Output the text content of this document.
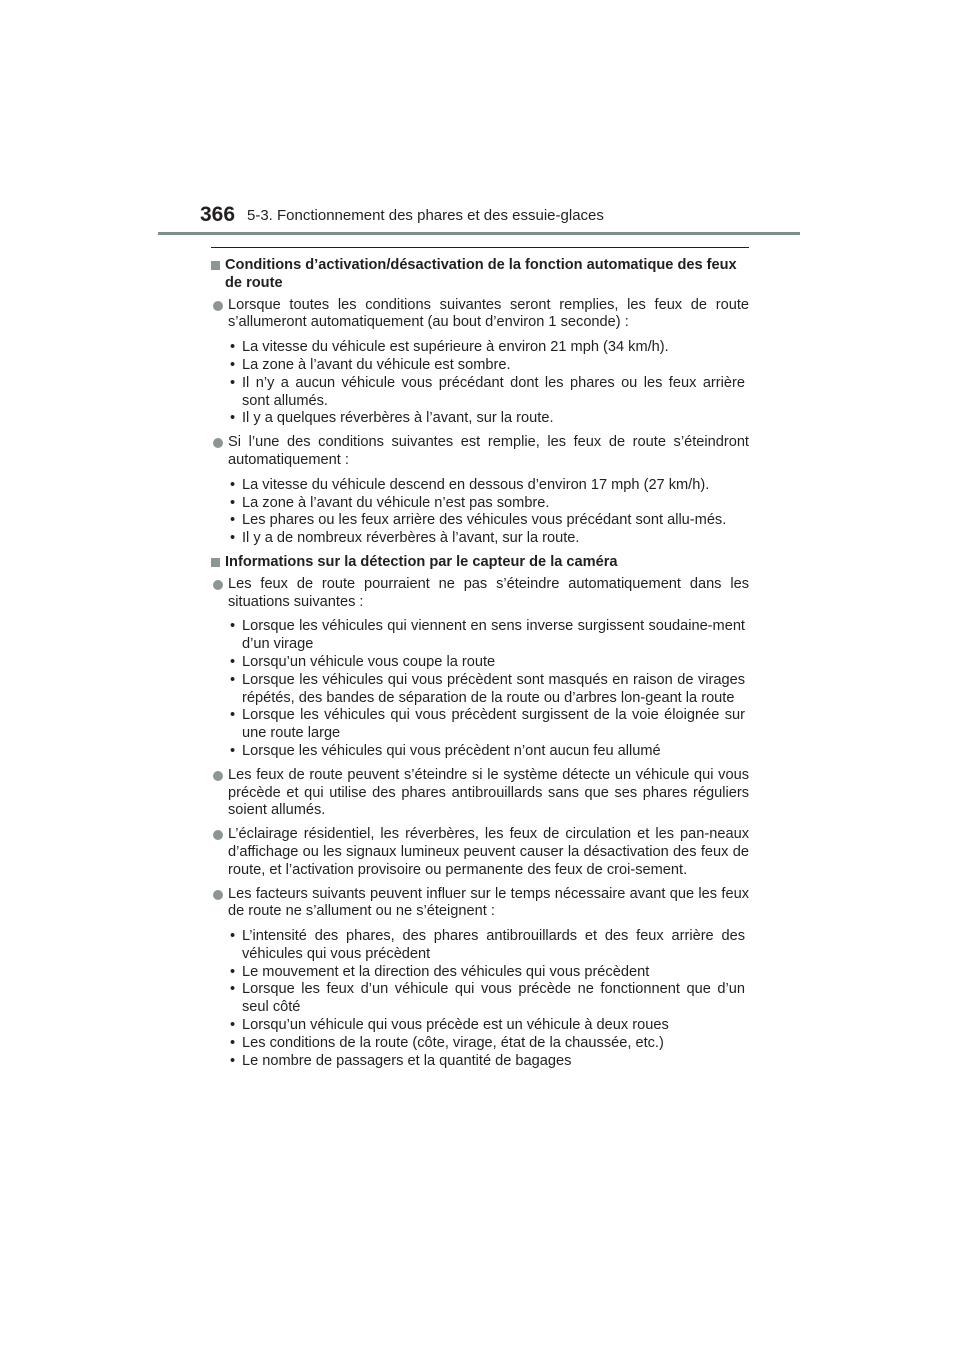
366 5-3. Fonctionnement des phares et des essuie-glaces
Conditions d’activation/désactivation de la fonction automatique des feux de route

Lorsque toutes les conditions suivantes seront remplies, les feux de route s’allumeront automatiquement (au bout d’environ 1 seconde) :

• La vitesse du véhicule est supérieure à environ 21 mph (34 km/h).
• La zone à l’avant du véhicule est sombre.
• Il n’y a aucun véhicule vous précédant dont les phares ou les feux arrière sont allumés.
• Il y a quelques réverbères à l’avant, sur la route.

Si l’une des conditions suivantes est remplie, les feux de route s’éteindront automatiquement :

• La vitesse du véhicule descend en dessous d’environ 17 mph (27 km/h).
• La zone à l’avant du véhicule n’est pas sombre.
• Les phares ou les feux arrière des véhicules vous précédant sont allu-més.
• Il y a de nombreux réverbères à l’avant, sur la route.
Informations sur la détection par le capteur de la caméra

Les feux de route pourraient ne pas s’éteindre automatiquement dans les situations suivantes :

• Lorsque les véhicules qui viennent en sens inverse surgissent soudaine-ment d’un virage
• Lorsqu’un véhicule vous coupe la route
• Lorsque les véhicules qui vous précèdent sont masqués en raison de virages répétés, des bandes de séparation de la route ou d’arbres lon-geant la route
• Lorsque les véhicules qui vous précèdent surgissent de la voie éloignée sur une route large
• Lorsque les véhicules qui vous précèdent n’ont aucun feu allumé

Les feux de route peuvent s’éteindre si le système détecte un véhicule qui vous précède et qui utilise des phares antibrouillards sans que ses phares réguliers soient allumés.

L’éclairage résidentiel, les réverbères, les feux de circulation et les pan-neaux d’affichage ou les signaux lumineux peuvent causer la désactivation des feux de route, et l’activation provisoire ou permanente des feux de croi-sement.

Les facteurs suivants peuvent influer sur le temps nécessaire avant que les feux de route ne s’allument ou ne s’éteignent :

• L’intensité des phares, des phares antibrouillards et des feux arrière des véhicules qui vous précèdent
• Le mouvement et la direction des véhicules qui vous précèdent
• Lorsque les feux d’un véhicule qui vous précède ne fonctionnent que d’un seul côté
• Lorsqu’un véhicule qui vous précède est un véhicule à deux roues
• Les conditions de la route (côte, virage, état de la chaussée, etc.)
• Le nombre de passagers et la quantité de bagages
